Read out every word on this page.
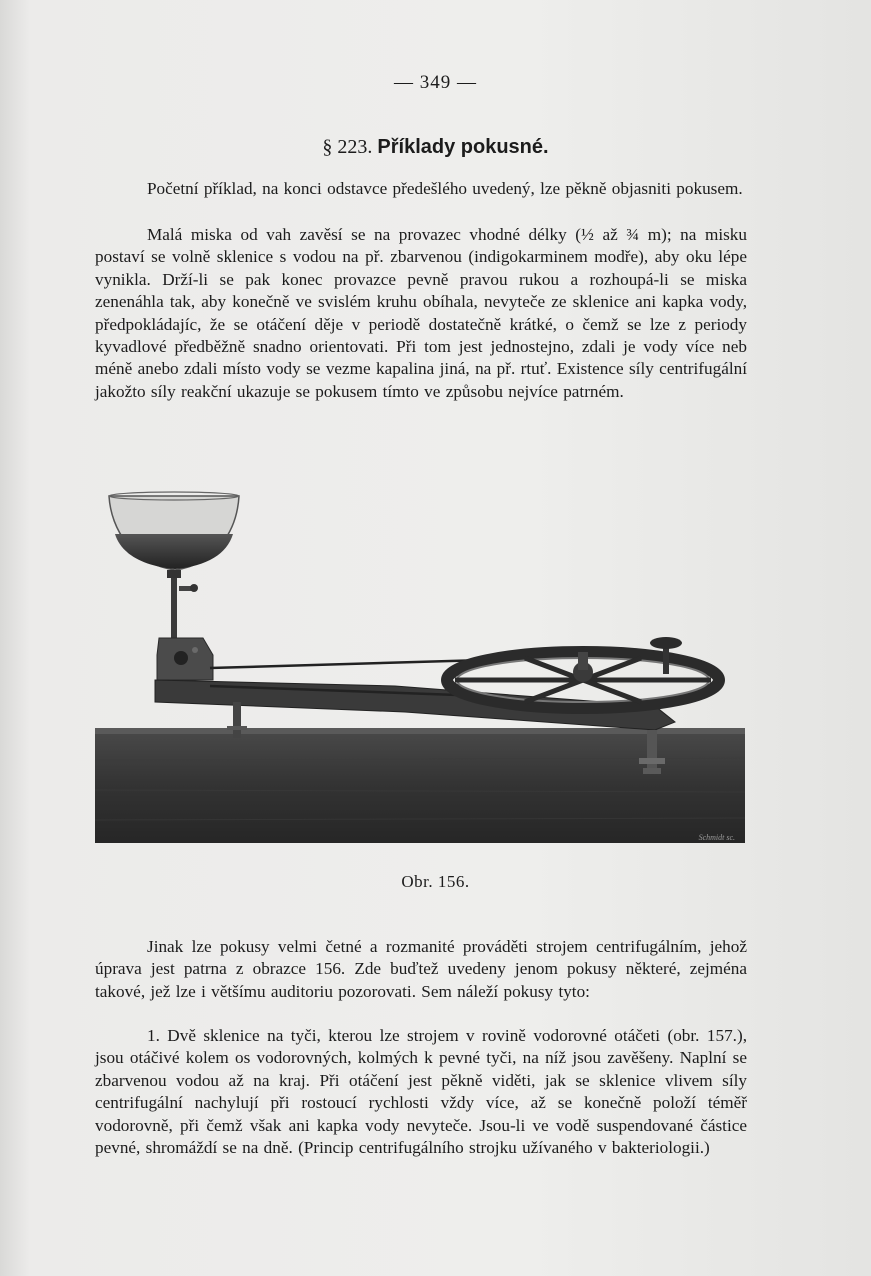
— 349 —
§ 223. Příklady pokusné.

Početní příklad, na konci odstavce předešlého uvedený, lze pěkně objasniti pokusem.

Malá miska od vah zavěsí se na provazec vhodné délky (½ až ¾ m); na misku postaví se volně sklenice s vodou na př. zbarvenou (indigokarminem modře), aby oku lépe vynikla. Drží-li se pak konec provazce pevně pravou rukou a rozhoupá-li se miska zenenáhla tak, aby konečně ve svislém kruhu obíhala, nevyteče ze sklenice ani kapka vody, předpokládajíc, že se otáčení děje v periodě dostatečně krátké, o čemž se lze z periody kyvadlové předběžně snadno orientovati. Při tom jest jednostejno, zdali je vody více neb méně anebo zdali místo vody se vezme kapalina jiná, na př. rtuť. Existence síly centrifugální jakožto síly reakční ukazuje se pokusem tímto ve způsobu nejvíce patrném.

Schmidt sc.
Obr. 156.

Jinak lze pokusy velmi četné a rozmanité prováděti strojem centrifugálním, jehož úprava jest patrna z obrazce 156. Zde buďtež uvedeny jenom pokusy některé, zejména takové, jež lze i většímu auditoriu pozorovati. Sem náleží pokusy tyto:

1. Dvě sklenice na tyči, kterou lze strojem v rovině vodorovné otáčeti (obr. 157.), jsou otáčivé kolem os vodorovných, kolmých k pevné tyči, na níž jsou zavěšeny. Naplní se zbarvenou vodou až na kraj. Při otáčení jest pěkně viděti, jak se sklenice vlivem síly centrifugální nachylují při rostoucí rychlosti vždy více, až se konečně položí téměř vodorovně, při čemž však ani kapka vody nevyteče. Jsou-li ve vodě suspendované částice pevné, shromáždí se na dně. (Princip centrifugálního strojku užívaného v bakteriologii.)
